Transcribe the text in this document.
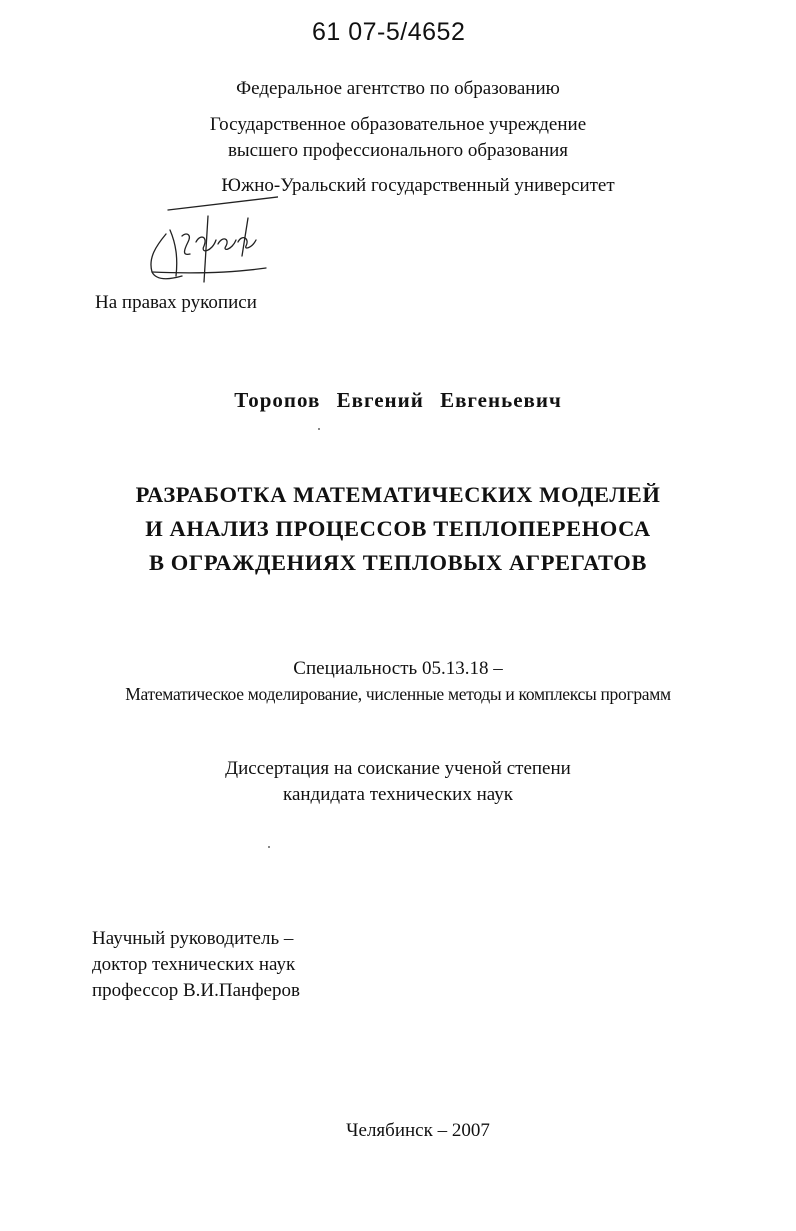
61 07-5/4652
Федеральное агентство по образованию
Государственное образовательное учреждение
высшего профессионального образования
Южно-Уральский государственный университет
На правах рукописи
Торопов Евгений Евгеньевич
РАЗРАБОТКА МАТЕМАТИЧЕСКИХ МОДЕЛЕЙ
И АНАЛИЗ ПРОЦЕССОВ ТЕПЛОПЕРЕНОСА
В ОГРАЖДЕНИЯХ ТЕПЛОВЫХ АГРЕГАТОВ
Специальность 05.13.18 –
Математическое моделирование, численные методы и комплексы программ
Диссертация на соискание ученой степени
кандидата технических наук
Научный руководитель –
доктор технических наук
профессор В.И.Панферов
Челябинск – 2007
